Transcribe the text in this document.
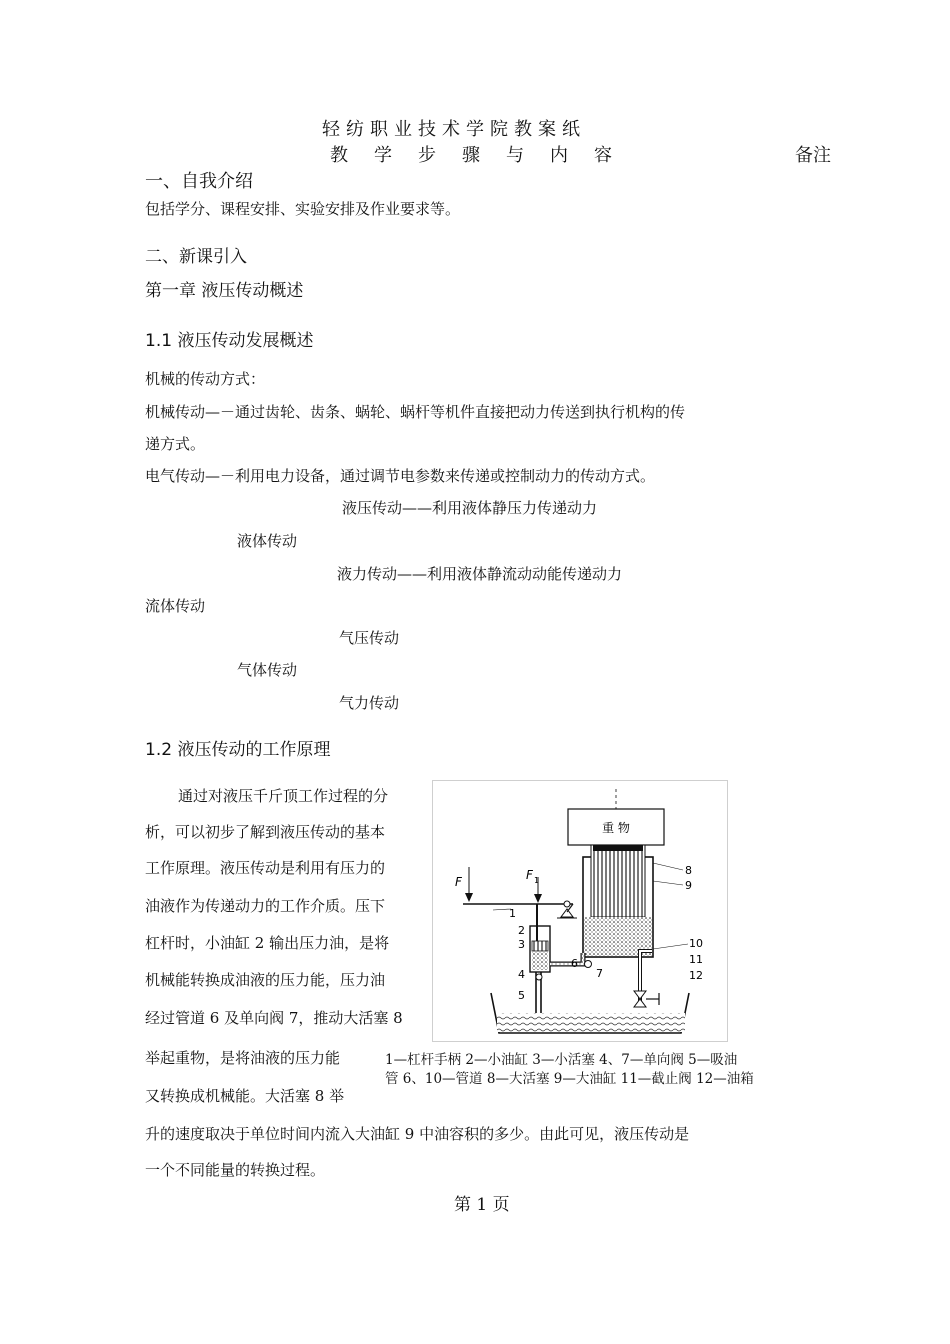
轻纺职业技术学院教案纸
教学步骤与内容	备注
一、自我介绍
包括学分、课程安排、实验安排及作业要求等。
二、新课引入
第一章 液压传动概述
1.1 液压传动发展概述
机械的传动方式：
机械传动—－通过齿轮、齿条、蜗轮、蜗杆等机件直接把动力传送到执行机构的传
递方式。
电气传动—－利用电力设备，通过调节电参数来传递或控制动力的传动方式。
液压传动——利用液体静压力传递动力
液体传动
液力传动——利用液体静流动动能传递动力
流体传动
气压传动
气体传动
气力传动
1.2 液压传动的工作原理
通过对液压千斤顶工作过程的分
析，可以初步了解到液压传动的基本
工作原理。液压传动是利用有压力的
油液作为传递动力的工作介质。压下
杠杆时，小油缸 2 输出压力油，是将
机械能转换成油液的压力能，压力油
经过管道 6 及单向阀 7，推动大活塞 8
举起重物，是将油液的压力能
又转换成机械能。大活塞 8 举
升的速度取决于单位时间内流入大油缸 9 中油容积的多少。由此可见，液压传动是
一个不同能量的转换过程。
重 物
F	F 1
1
2
3
4
5
6
7
8
9
10
11
12
1—杠杆手柄 2—小油缸 3—小活塞 4、7—单向阀 5—吸油
管 6、10—管道 8—大活塞 9—大油缸 11—截止阀 12—油箱
第 1 页
